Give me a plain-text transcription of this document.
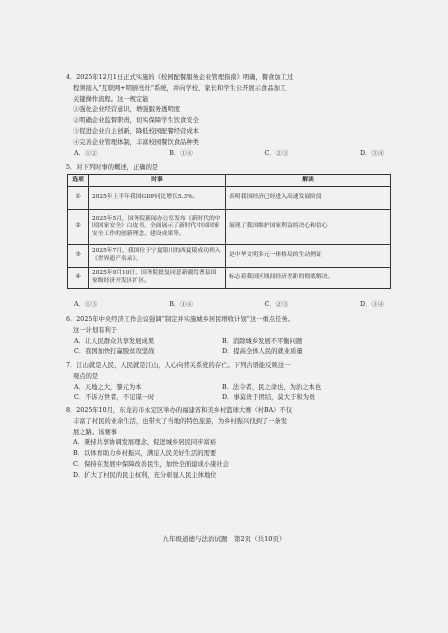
4．2025年12月1日正式实施的《校园配餐服务企业管理指南》明确，餐食加工过

程须接入“互联网+明厨亮灶”系统，并向学校、家长和学生公开展示食品加工

关键操作流程。这一规定能

①强化企业经营意识，增强服务透明度

②明确企业监督职责，切实保障学生饮食安全

③促进企业自主创新，降低校园配餐经营成本

④完善企业管理体制，丰富校园餐饮食品种类

A．①②	B．①④	C．②③	D．③④

5．对下列时事的概述，正确的是

选项	时事	解读
①	2025年上半年我国GDP同比增长5.3%。	表明我国经济已经进入高速发展阶段
②	2025年5月，国务院新闻办公室发布《新时代的中国国家安全》白皮书，全面展示了新时代中国国家安全工作的创新理念、建设成果等。	展现了我国维护国家利益的决心和信心
③	2025年7月，我国位于宁夏银川的西夏陵成功列入《世界遗产名录》。	是中华文明多元一体格局的生动例证
④	2025年9月10日，国务院批复同意新疆焉耆县国家级经济开发区扩区。	标志着我国区域间经济差距的彻底解决。
A．①③	B．①④	C．②③	D．③④

6．2025年中央经济工作会议强调“制定并实施城乡居民增收计划”这一重点任务。

这一计划有利于

A．让人民群众共享发展成果	B．消除城乡发展不平衡问题
C．我国加快打赢脱贫攻坚战	D．提高全体人民的就业质量

7．江山就是人民，人民就是江山，人心向背关系党的存亡。下列古语能反映这一

观点的是

A．天地之大，黎元为本	B．法令者，民之命也，为治之本也
C．不诉万世者，不足谋一时	D．事莫贵于团结，莫大于和为贵

8．2025年10月，东龙岩市永定区举办的福建省和美乡村篮球大赛（村BA）不仅

丰富了村民的业余生活，也带火了当地的特色旅游，为乡村振兴找到了一条发

展之路。该赛事

A．秉持共享协调发展理念，促进城乡居民同步富裕

B．以体育助力乡村振兴，满足人民美好生活的需要

C．保持在发展中保障改善民生，加快全面建成小康社会

D．扩大了村民的民主权利，充分彰显人民主体地位

九年级道德与法治试题　第2页（共10页）
